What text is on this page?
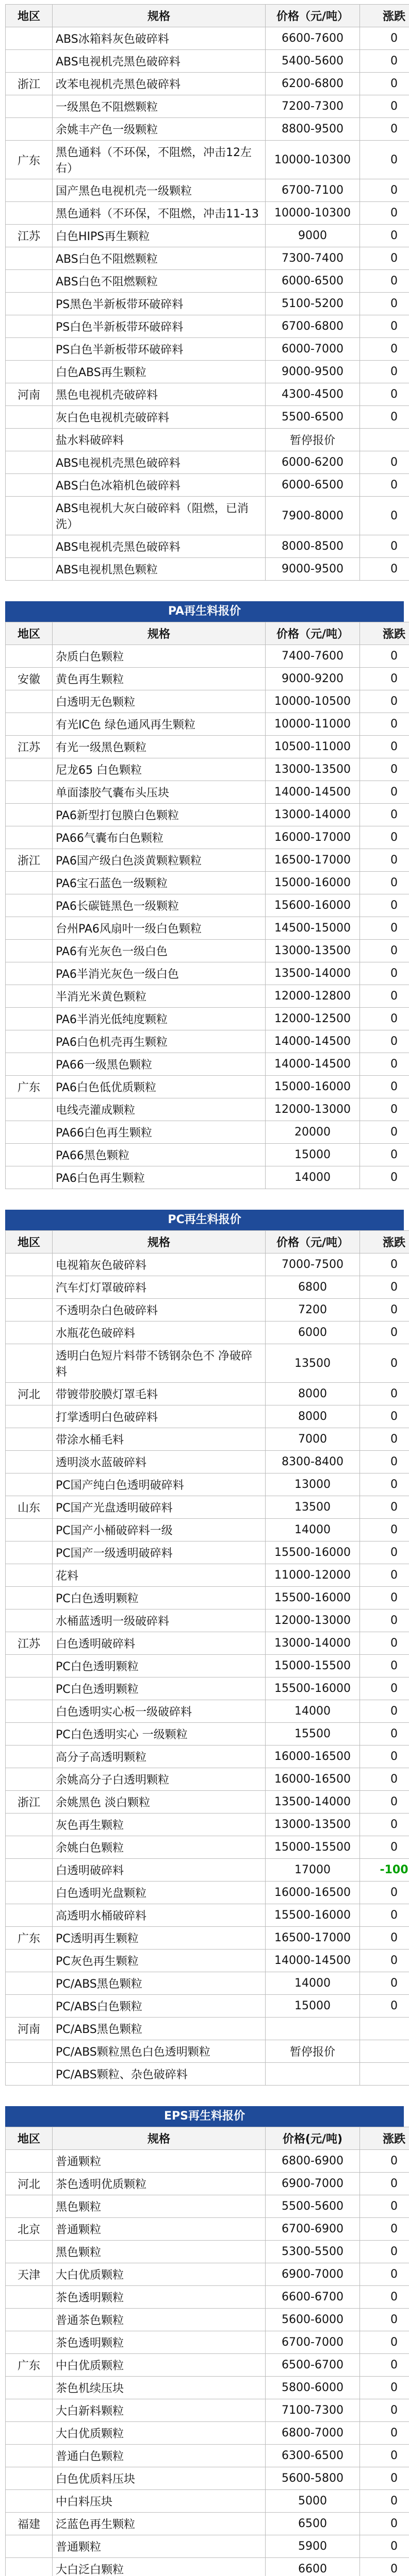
地区	规格	价格（元/吨）	涨跌
	ABS冰箱料灰色破碎料	6600-7600	0
	ABS电视机壳黑色破碎料	5400-5600	0
浙江	改苯电视机壳黑色破碎料	6200-6800	0
	一级黑色不阻燃颗粒	7200-7300	0
	余姚丰产色一级颗粒	8800-9500	0
广东	黑色通料（不环保，不阻燃，冲击12左右）	10000-10300	0
	国产黑色电视机壳一级颗粒	6700-7100	0
	黑色通料（不环保，不阻燃，冲击11-13	10000-10300	0
江苏	白色HIPS再生颗粒	9000	0
	ABS白色不阻燃颗粒	7300-7400	0
	ABS白色不阻燃颗粒	6000-6500	0
	PS黑色半新板带环破碎料	5100-5200	0
	PS白色半新板带环破碎料	6700-6800	0
	PS白色半新板带环破碎料	6000-7000	0
	白色ABS再生颗粒	9000-9500	0
河南	黑色电视机壳破碎料	4300-4500	0
	灰白色电视机壳破碎料	5500-6500	0
	盐水料破碎料	暂停报价	
	ABS电视机壳黑色破碎料	6000-6200	0
	ABS白色冰箱机色破碎料	6000-6500	0
	ABS电视机大灰白破碎料（阻燃，已消洗）	7900-8000	0
	ABS电视机壳黑色破碎料	8000-8500	0
	ABS电视机黑色颗粒	9000-9500	0
PA再生料报价
地区	规格	价格（元/吨）	涨跌
	杂质白色颗粒	7400-7600	0
安徽	黄色再生颗粒	9000-9200	0
	白透明无色颗粒	10000-10500	0
	有光IC色 绿色通风再生颗粒	10000-11000	0
江苏	有光一级黑色颗粒	10500-11000	0
	尼龙65 白色颗粒	13000-13500	0
	单面漆胶气囊布头压块	14000-14500	0
	PA6新型打包膜白色颗粒	13000-14000	0
	PA66气囊布白色颗粒	16000-17000	0
浙江	PA6国产级白色淡黄颗粒颗粒	16500-17000	0
	PA6宝石蓝色一级颗粒	15000-16000	0
	PA6长碳链黑色一级颗粒	15600-16000	0
	台州PA6风扇叶一级白色颗粒	14500-15000	0
	PA6有光灰色一级白色	13000-13500	0
	PA6半消光灰色一级白色	13500-14000	0
	半消光米黄色颗粒	12000-12800	0
	PA6半消光低纯度颗粒	12000-12500	0
	PA6白色机壳再生颗粒	14000-14500	0
	PA66一级黑色颗粒	14000-14500	0
广东	PA6白色低优质颗粒	15000-16000	0
	电线壳灌成颗粒	12000-13000	0
	PA66白色再生颗粒	20000	0
	PA66黑色颗粒	15000	0
	PA6白色再生颗粒	14000	0
PC再生料报价
地区	规格	价格（元/吨）	涨跌
	电视箱灰色破碎料	7000-7500	0
	汽车灯灯罩破碎料	6800	0
	不透明杂白色破碎料	7200	0
	水瓶花色破碎料	6000	0
	透明白色短片料带不锈钢杂色不 净破碎料	13500	0
河北	带镀带胶膜灯罩毛料	8000	0
	打掌透明白色破碎料	8000	0
	带涂水桶毛料	7000	0
	透明淡水蓝破碎料	8300-8400	0
	PC国产纯白色透明破碎料	13000	0
山东	PC国产光盘透明破碎料	13500	0
	PC国产小桶破碎料一级	14000	0
	PC国产一级透明破碎料	15500-16000	0
	花料	11000-12000	0
	PC白色透明颗粒	15500-16000	0
	水桶蓝透明一级破碎料	12000-13000	0
江苏	白色透明破碎料	13000-14000	0
	PC白色透明颗粒	15000-15500	0
	PC白色透明颗粒	15500-16000	0
	白色透明实心板一级破碎料	14000	0
	PC白色透明实心 一级颗粒	15500	0
	高分子高透明颗粒	16000-16500	0
	余姚高分子白透明颗粒	16000-16500	0
浙江	余姚黑色 淡白颗粒	13500-14000	0
	灰色再生颗粒	13000-13500	0
	余姚白色颗粒	15000-15500	0
	白透明破碎料	17000	-100
	白色透明光盘颗粒	16000-16500	0
	高透明水桶破碎料	15500-16000	0
广东	PC透明再生颗粒	16500-17000	0
	PC灰色再生颗粒	14000-14500	0
	PC/ABS黑色颗粒	14000	0
	PC/ABS白色颗粒	15000	0
河南	PC/ABS黑色颗粒		
	PC/ABS颗粒黑色白色透明颗粒	暂停报价	
	PC/ABS颗粒、杂色破碎料		
EPS再生料报价
地区	规格	价格(元/吨)	涨跌
	普通颗粒	6800-6900	0
河北	茶色透明优质颗粒	6900-7000	0
	黑色颗粒	5500-5600	0
北京	普通颗粒	6700-6900	0
	黑色颗粒	5300-5500	0
天津	大白优质颗粒	6900-7000	0
	茶色透明颗粒	6600-6700	0
	普通茶色颗粒	5600-6000	0
	茶色透明颗粒	6700-7000	0
广东	中白优质颗粒	6500-6700	0
	茶色机续压块	5800-6000	0
	大白新料颗粒	7100-7300	0
	大白优质颗粒	6800-7000	0
	普通白色颗粒	6300-6500	0
	白色优质料压块	5600-5800	0
	中白料压块	5000	0
福建	泛蓝色再生颗粒	6500	0
	普通颗粒	5900	0
	大白泛白颗粒	6600	0
